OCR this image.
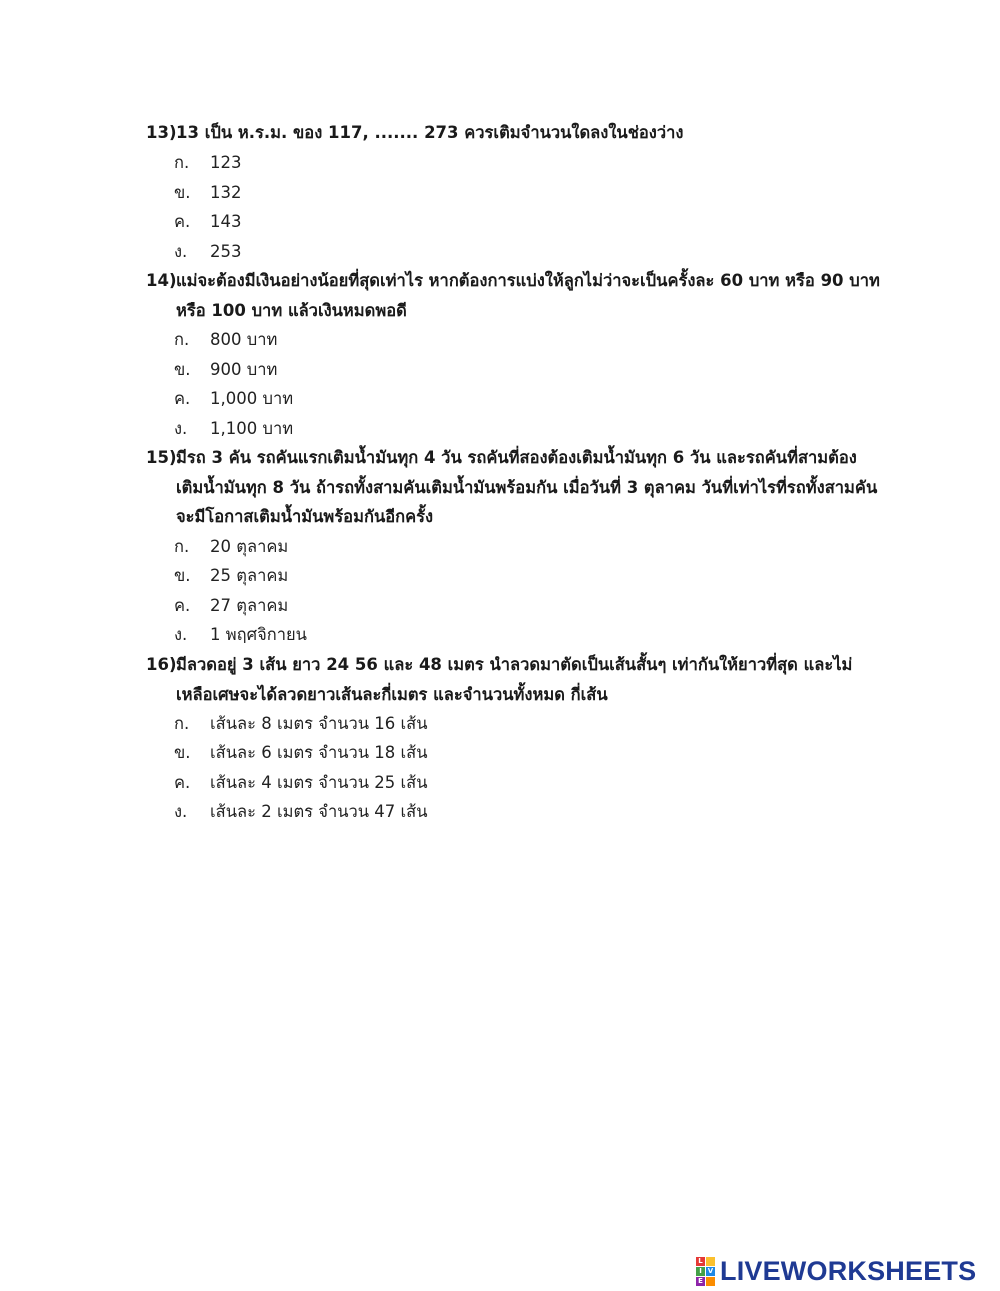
13) 13 เป็น ห.ร.ม. ของ 117, ....... 273 ควรเติมจำนวนใดลงในช่องว่าง
ก. 123
ข. 132
ค. 143
ง. 253
14) แม่จะต้องมีเงินอย่างน้อยที่สุดเท่าไร หากต้องการแบ่งให้ลูกไม่ว่าจะเป็นครั้งละ 60 บาท หรือ 90 บาท
หรือ 100 บาท แล้วเงินหมดพอดี
ก. 800 บาท
ข. 900 บาท
ค. 1,000 บาท
ง. 1,100 บาท
15) มีรถ 3 คัน รถคันแรกเติมน้ำมันทุก 4 วัน รถคันที่สองต้องเติมน้ำมันทุก 6 วัน และรถคันที่สามต้อง
เติมน้ำมันทุก 8 วัน ถ้ารถทั้งสามคันเติมน้ำมันพร้อมกัน เมื่อวันที่ 3 ตุลาคม วันที่เท่าไรที่รถทั้งสามคัน
จะมีโอกาสเติมน้ำมันพร้อมกันอีกครั้ง
ก. 20 ตุลาคม
ข. 25 ตุลาคม
ค. 27 ตุลาคม
ง. 1 พฤศจิกายน
16) มีลวดอยู่ 3 เส้น ยาว 24 56 และ 48 เมตร นำลวดมาตัดเป็นเส้นสั้นๆ เท่ากันให้ยาวที่สุด และไม่
เหลือเศษจะได้ลวดยาวเส้นละกี่เมตร และจำนวนทั้งหมด กี่เส้น
ก. เส้นละ 8 เมตร จำนวน 16 เส้น
ข. เส้นละ 6 เมตร จำนวน 18 เส้น
ค. เส้นละ 4 เมตร จำนวน 25 เส้น
ง. เส้นละ 2 เมตร จำนวน 47 เส้น
L
I V
E LIVEWORKSHEETS
